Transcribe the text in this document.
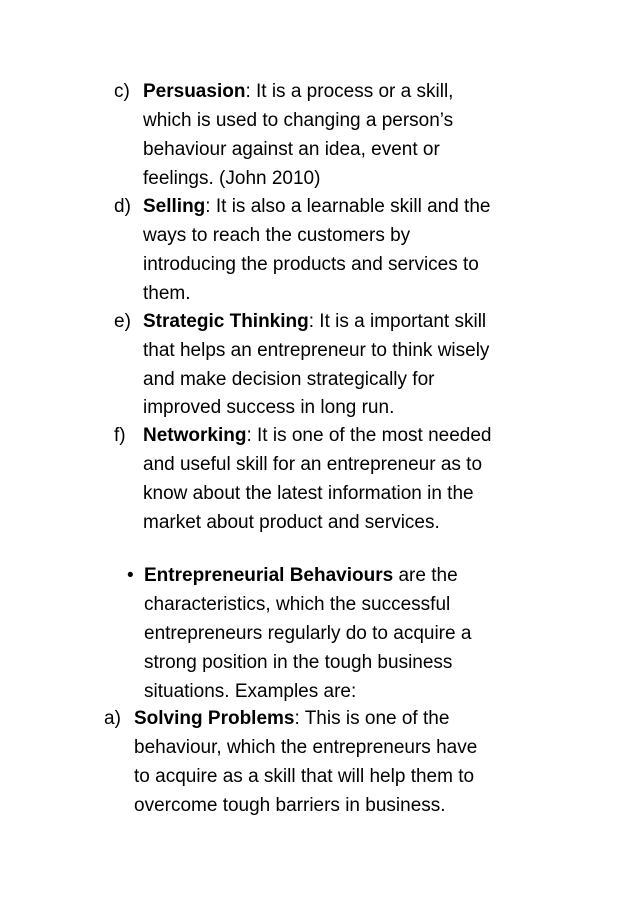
c) Persuasion: It is a process or a skill,
which is used to changing a person’s
behaviour against an idea, event or
feelings. (John 2010)
d) Selling: It is also a learnable skill and the
ways to reach the customers by
introducing the products and services to
them.
e) Strategic Thinking: It is a important skill
that helps an entrepreneur to think wisely
and make decision strategically for
improved success in long run.
f) Networking: It is one of the most needed
and useful skill for an entrepreneur as to
know about the latest information in the
market about product and services.
• Entrepreneurial Behaviours are the
characteristics, which the successful
entrepreneurs regularly do to acquire a
strong position in the tough business
situations. Examples are:
a) Solving Problems: This is one of the
behaviour, which the entrepreneurs have
to acquire as a skill that will help them to
overcome tough barriers in business.
